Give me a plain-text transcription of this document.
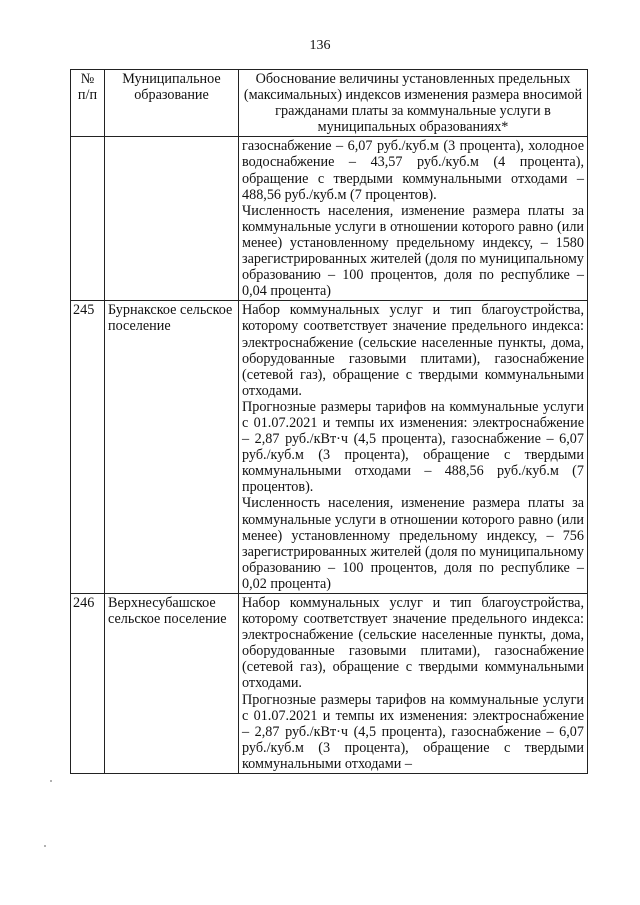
136
№ п/п	Муниципальное образование	Обоснование величины установленных предельных (максимальных) индексов изменения размера вносимой гражданами платы за коммунальные услуги в муниципальных образованиях*

		газоснабжение – 6,07 руб./куб.м (3 процента), холодное водоснабжение – 43,57 руб./куб.м (4 процента), обращение с твердыми коммунальными отходами – 488,56 руб./куб.м (7 процентов).

Численность населения, изменение размера платы за коммунальные услуги в отношении которого равно (или менее) установленному предельному индексу, – 1580 зарегистрированных жителей (доля по муниципальному образованию – 100 процентов, доля по республике – 0,04 процента)

245	Бурнакское сельское поселение	Набор коммунальных услуг и тип благоустройства, которому соответствует значение предельного индекса: электроснабжение (сельские населенные пункты, дома, оборудованные газовыми плитами), газоснабжение (сетевой газ), обращение с твердыми коммунальными отходами.

Прогнозные размеры тарифов на коммунальные услуги с 01.07.2021 и темпы их изменения: электроснабжение – 2,87 руб./кВт·ч (4,5 процента), газоснабжение – 6,07 руб./куб.м (3 процента), обращение с твердыми коммунальными отходами – 488,56 руб./куб.м (7 процентов).

Численность населения, изменение размера платы за коммунальные услуги в отношении которого равно (или менее) установленному предельному индексу, – 756 зарегистрированных жителей (доля по муниципальному образованию – 100 процентов, доля по республике – 0,02 процента)

246	Верхнесубашское сельское поселение	Набор коммунальных услуг и тип благоустройства, которому соответствует значение предельного индекса: электроснабжение (сельские населенные пункты, дома, оборудованные газовыми плитами), газоснабжение (сетевой газ), обращение с твердыми коммунальными отходами.

Прогнозные размеры тарифов на коммунальные услуги с 01.07.2021 и темпы их изменения: электроснабжение – 2,87 руб./кВт·ч (4,5 процента), газоснабжение – 6,07 руб./куб.м (3 процента), обращение с твердыми коммунальными отходами –
